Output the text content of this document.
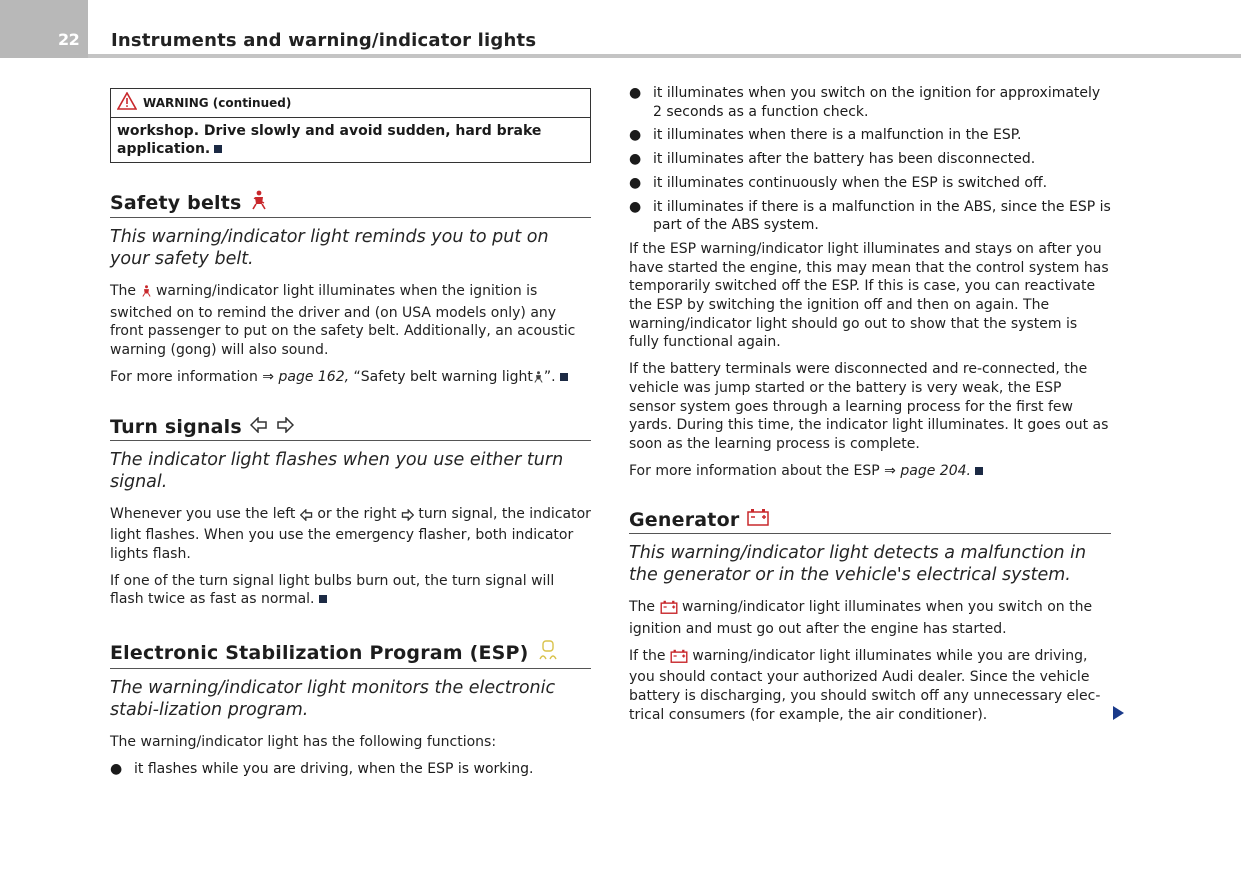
22 Instruments and warning/indicator lights
WARNING (continued)
workshop. Drive slowly and avoid sudden, hard brake application.
Safety belts
This warning/indicator light reminds you to put on your safety belt.

The warning/indicator light illuminates when the ignition is switched on to remind the driver and (on USA models only) any front passenger to put on the safety belt. Additionally, an acoustic warning (gong) will also sound.

For more information ⇒ page 162, “Safety belt warning light ”.

Turn signals
The indicator light flashes when you use either turn signal.

Whenever you use the left or the right turn signal, the indicator light flashes. When you use the emergency flasher, both indicator lights flash.

If one of the turn signal light bulbs burn out, the turn signal will flash twice as fast as normal.

Electronic Stabilization Program (ESP)
The warning/indicator light monitors the electronic stabi-lization program.

The warning/indicator light has the following functions:

● it flashes while you are driving, when the ESP is working.
● it illuminates when you switch on the ignition for approximately 2 seconds as a function check.
● it illuminates when there is a malfunction in the ESP.
● it illuminates after the battery has been disconnected.
● it illuminates continuously when the ESP is switched off.
● it illuminates if there is a malfunction in the ABS, since the ESP is part of the ABS system.

If the ESP warning/indicator light illuminates and stays on after you have started the engine, this may mean that the control system has temporarily switched off the ESP. If this is case, you can reactivate the ESP by switching the ignition off and then on again. The warning/indicator light should go out to show that the system is fully functional again.

If the battery terminals were disconnected and re-connected, the vehicle was jump started or the battery is very weak, the ESP sensor system goes through a learning process for the first few yards. During this time, the indicator light illuminates. It goes out as soon as the learning process is complete.

For more information about the ESP ⇒ page 204.

Generator
This warning/indicator light detects a malfunction in the generator or in the vehicle's electrical system.

The warning/indicator light illuminates when you switch on the ignition and must go out after the engine has started.

If the warning/indicator light illuminates while you are driving, you should contact your authorized Audi dealer. Since the vehicle battery is discharging, you should switch off any unnecessary elec-trical consumers (for example, the air conditioner).
